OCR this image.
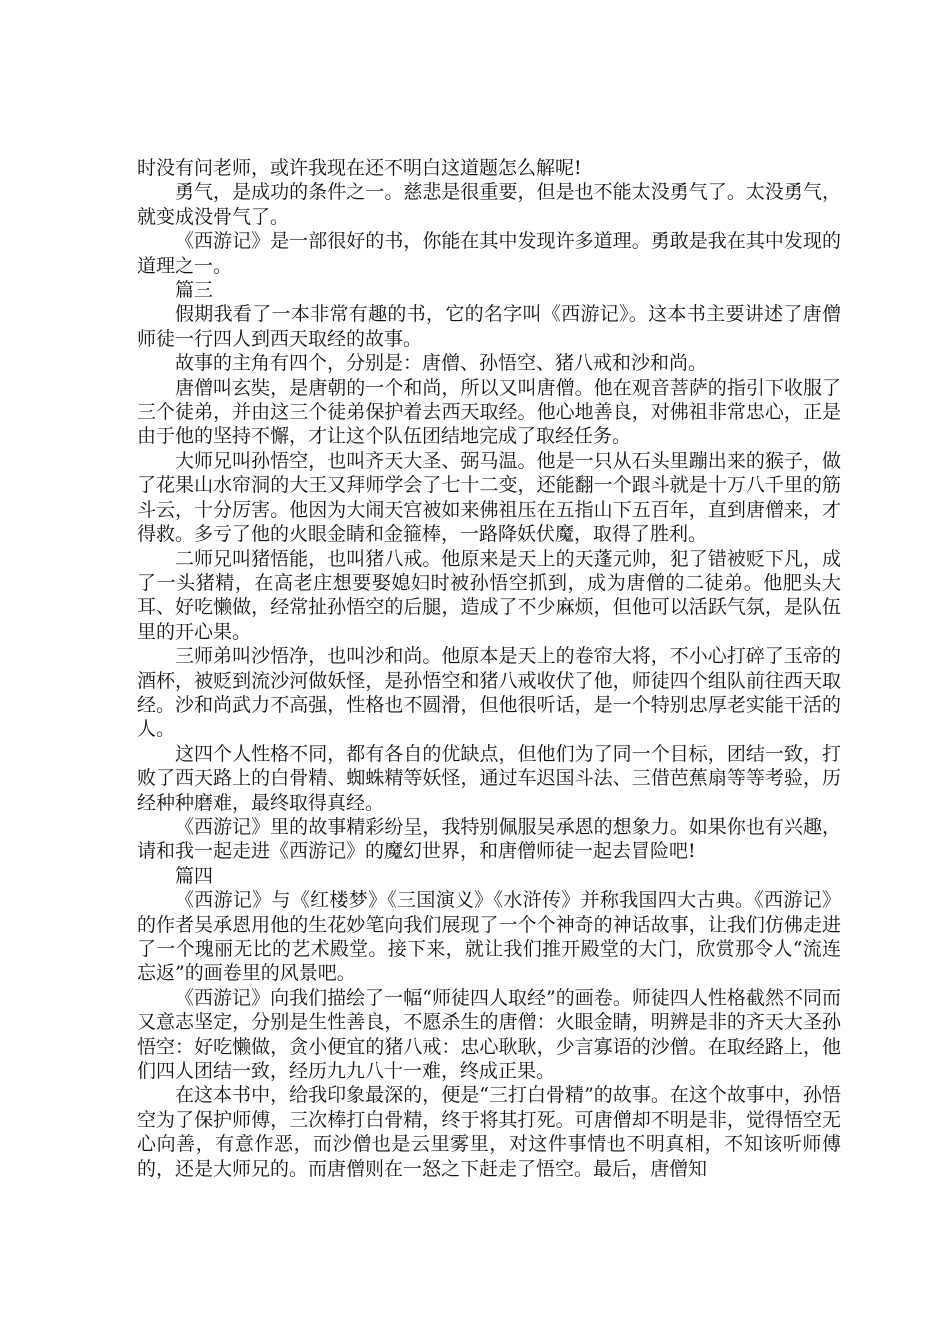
时没有问老师，或许我现在还不明白这道题怎么解呢!

勇气，是成功的条件之一。慈悲是很重要，但是也不能太没勇气了。太没勇气，就变成没骨气了。

《西游记》是一部很好的书，你能在其中发现许多道理。勇敢是我在其中发现的道理之一。

篇三

假期我看了一本非常有趣的书，它的名字叫《西游记》。这本书主要讲述了唐僧师徒一行四人到西天取经的故事。

故事的主角有四个，分别是：唐僧、孙悟空、猪八戒和沙和尚。

唐僧叫玄奘，是唐朝的一个和尚，所以又叫唐僧。他在观音菩萨的指引下收服了三个徒弟，并由这三个徒弟保护着去西天取经。他心地善良，对佛祖非常忠心，正是由于他的坚持不懈，才让这个队伍团结地完成了取经任务。

大师兄叫孙悟空，也叫齐天大圣、弼马温。他是一只从石头里蹦出来的猴子，做了花果山水帘洞的大王又拜师学会了七十二变，还能翻一个跟斗就是十万八千里的筋斗云，十分厉害。他因为大闹天宫被如来佛祖压在五指山下五百年，直到唐僧来，才得救。多亏了他的火眼金睛和金箍棒，一路降妖伏魔，取得了胜利。

二师兄叫猪悟能，也叫猪八戒。他原来是天上的天蓬元帅，犯了错被贬下凡，成了一头猪精，在高老庄想要娶媳妇时被孙悟空抓到，成为唐僧的二徒弟。他肥头大耳、好吃懒做，经常扯孙悟空的后腿，造成了不少麻烦，但他可以活跃气氛，是队伍里的开心果。

三师弟叫沙悟净，也叫沙和尚。他原本是天上的卷帘大将，不小心打碎了玉帝的酒杯，被贬到流沙河做妖怪，是孙悟空和猪八戒收伏了他，师徒四个组队前往西天取经。沙和尚武力不高强，性格也不圆滑，但他很听话，是一个特别忠厚老实能干活的人。

这四个人性格不同，都有各自的优缺点，但他们为了同一个目标，团结一致，打败了西天路上的白骨精、蜘蛛精等妖怪，通过车迟国斗法、三借芭蕉扇等等考验，历经种种磨难，最终取得真经。

《西游记》里的故事精彩纷呈，我特别佩服吴承恩的想象力。如果你也有兴趣，请和我一起走进《西游记》的魔幻世界，和唐僧师徒一起去冒险吧!

篇四

《西游记》与《红楼梦》《三国演义》《水浒传》并称我国四大古典。《西游记》的作者吴承恩用他的生花妙笔向我们展现了一个个神奇的神话故事，让我们仿佛走进了一个瑰丽无比的艺术殿堂。接下来，就让我们推开殿堂的大门，欣赏那令人“流连忘返”的画卷里的风景吧。

《西游记》向我们描绘了一幅“师徒四人取经”的画卷。师徒四人性格截然不同而又意志坚定，分别是生性善良，不愿杀生的唐僧：火眼金睛，明辨是非的齐天大圣孙悟空：好吃懒做，贪小便宜的猪八戒：忠心耿耿，少言寡语的沙僧。在取经路上，他们四人团结一致，经历九九八十一难，终成正果。

在这本书中，给我印象最深的，便是“三打白骨精”的故事。在这个故事中，孙悟空为了保护师傅，三次棒打白骨精，终于将其打死。可唐僧却不明是非，觉得悟空无心向善，有意作恶，而沙僧也是云里雾里，对这件事情也不明真相，不知该听师傅的，还是大师兄的。而唐僧则在一怒之下赶走了悟空。最后，唐僧知
